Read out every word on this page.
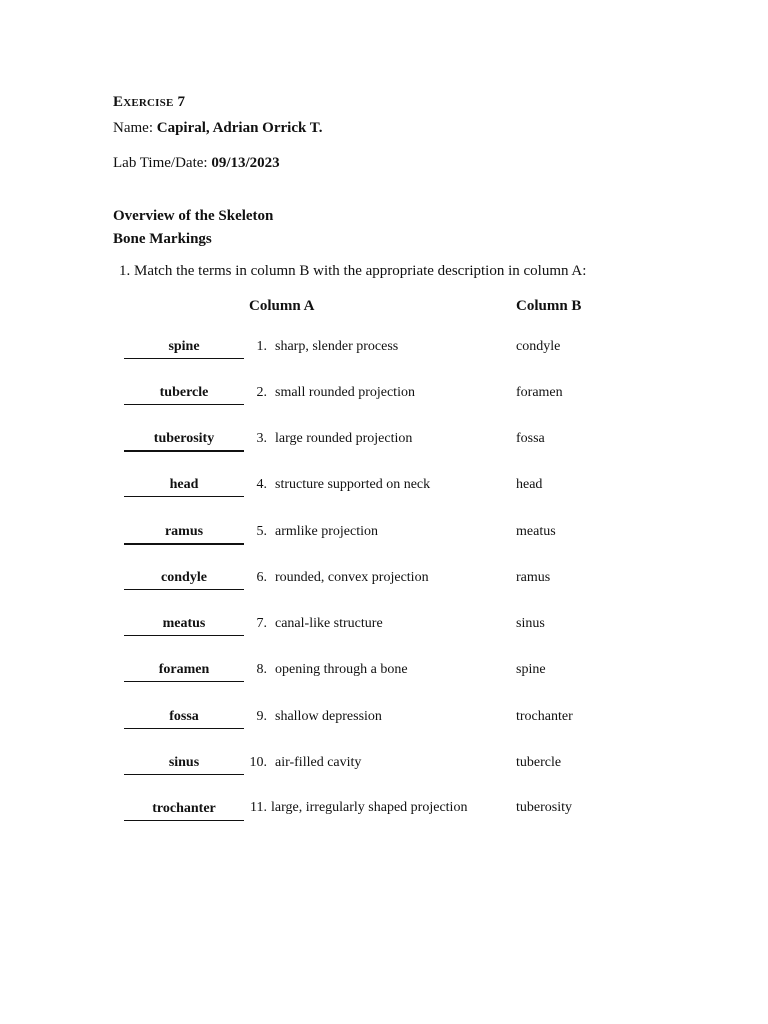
Exercise 7
Name: Capiral, Adrian Orrick T.
Lab Time/Date: 09/13/2023
Overview of the Skeleton
Bone Markings
1. Match the terms in column B with the appropriate description in column A:
Column A	Column B
spine	1. sharp, slender process	condyle
tubercle	2. small rounded projection	foramen
tuberosity	3. large rounded projection	fossa
head	4. structure supported on neck	head
ramus	5. armlike projection	meatus
condyle	6. rounded, convex projection	ramus
meatus	7. canal-like structure	sinus
foramen	8. opening through a bone	spine
fossa	9. shallow depression	trochanter
sinus	10. air-filled cavity	tubercle
trochanter	11. large, irregularly shaped projection	tuberosity
